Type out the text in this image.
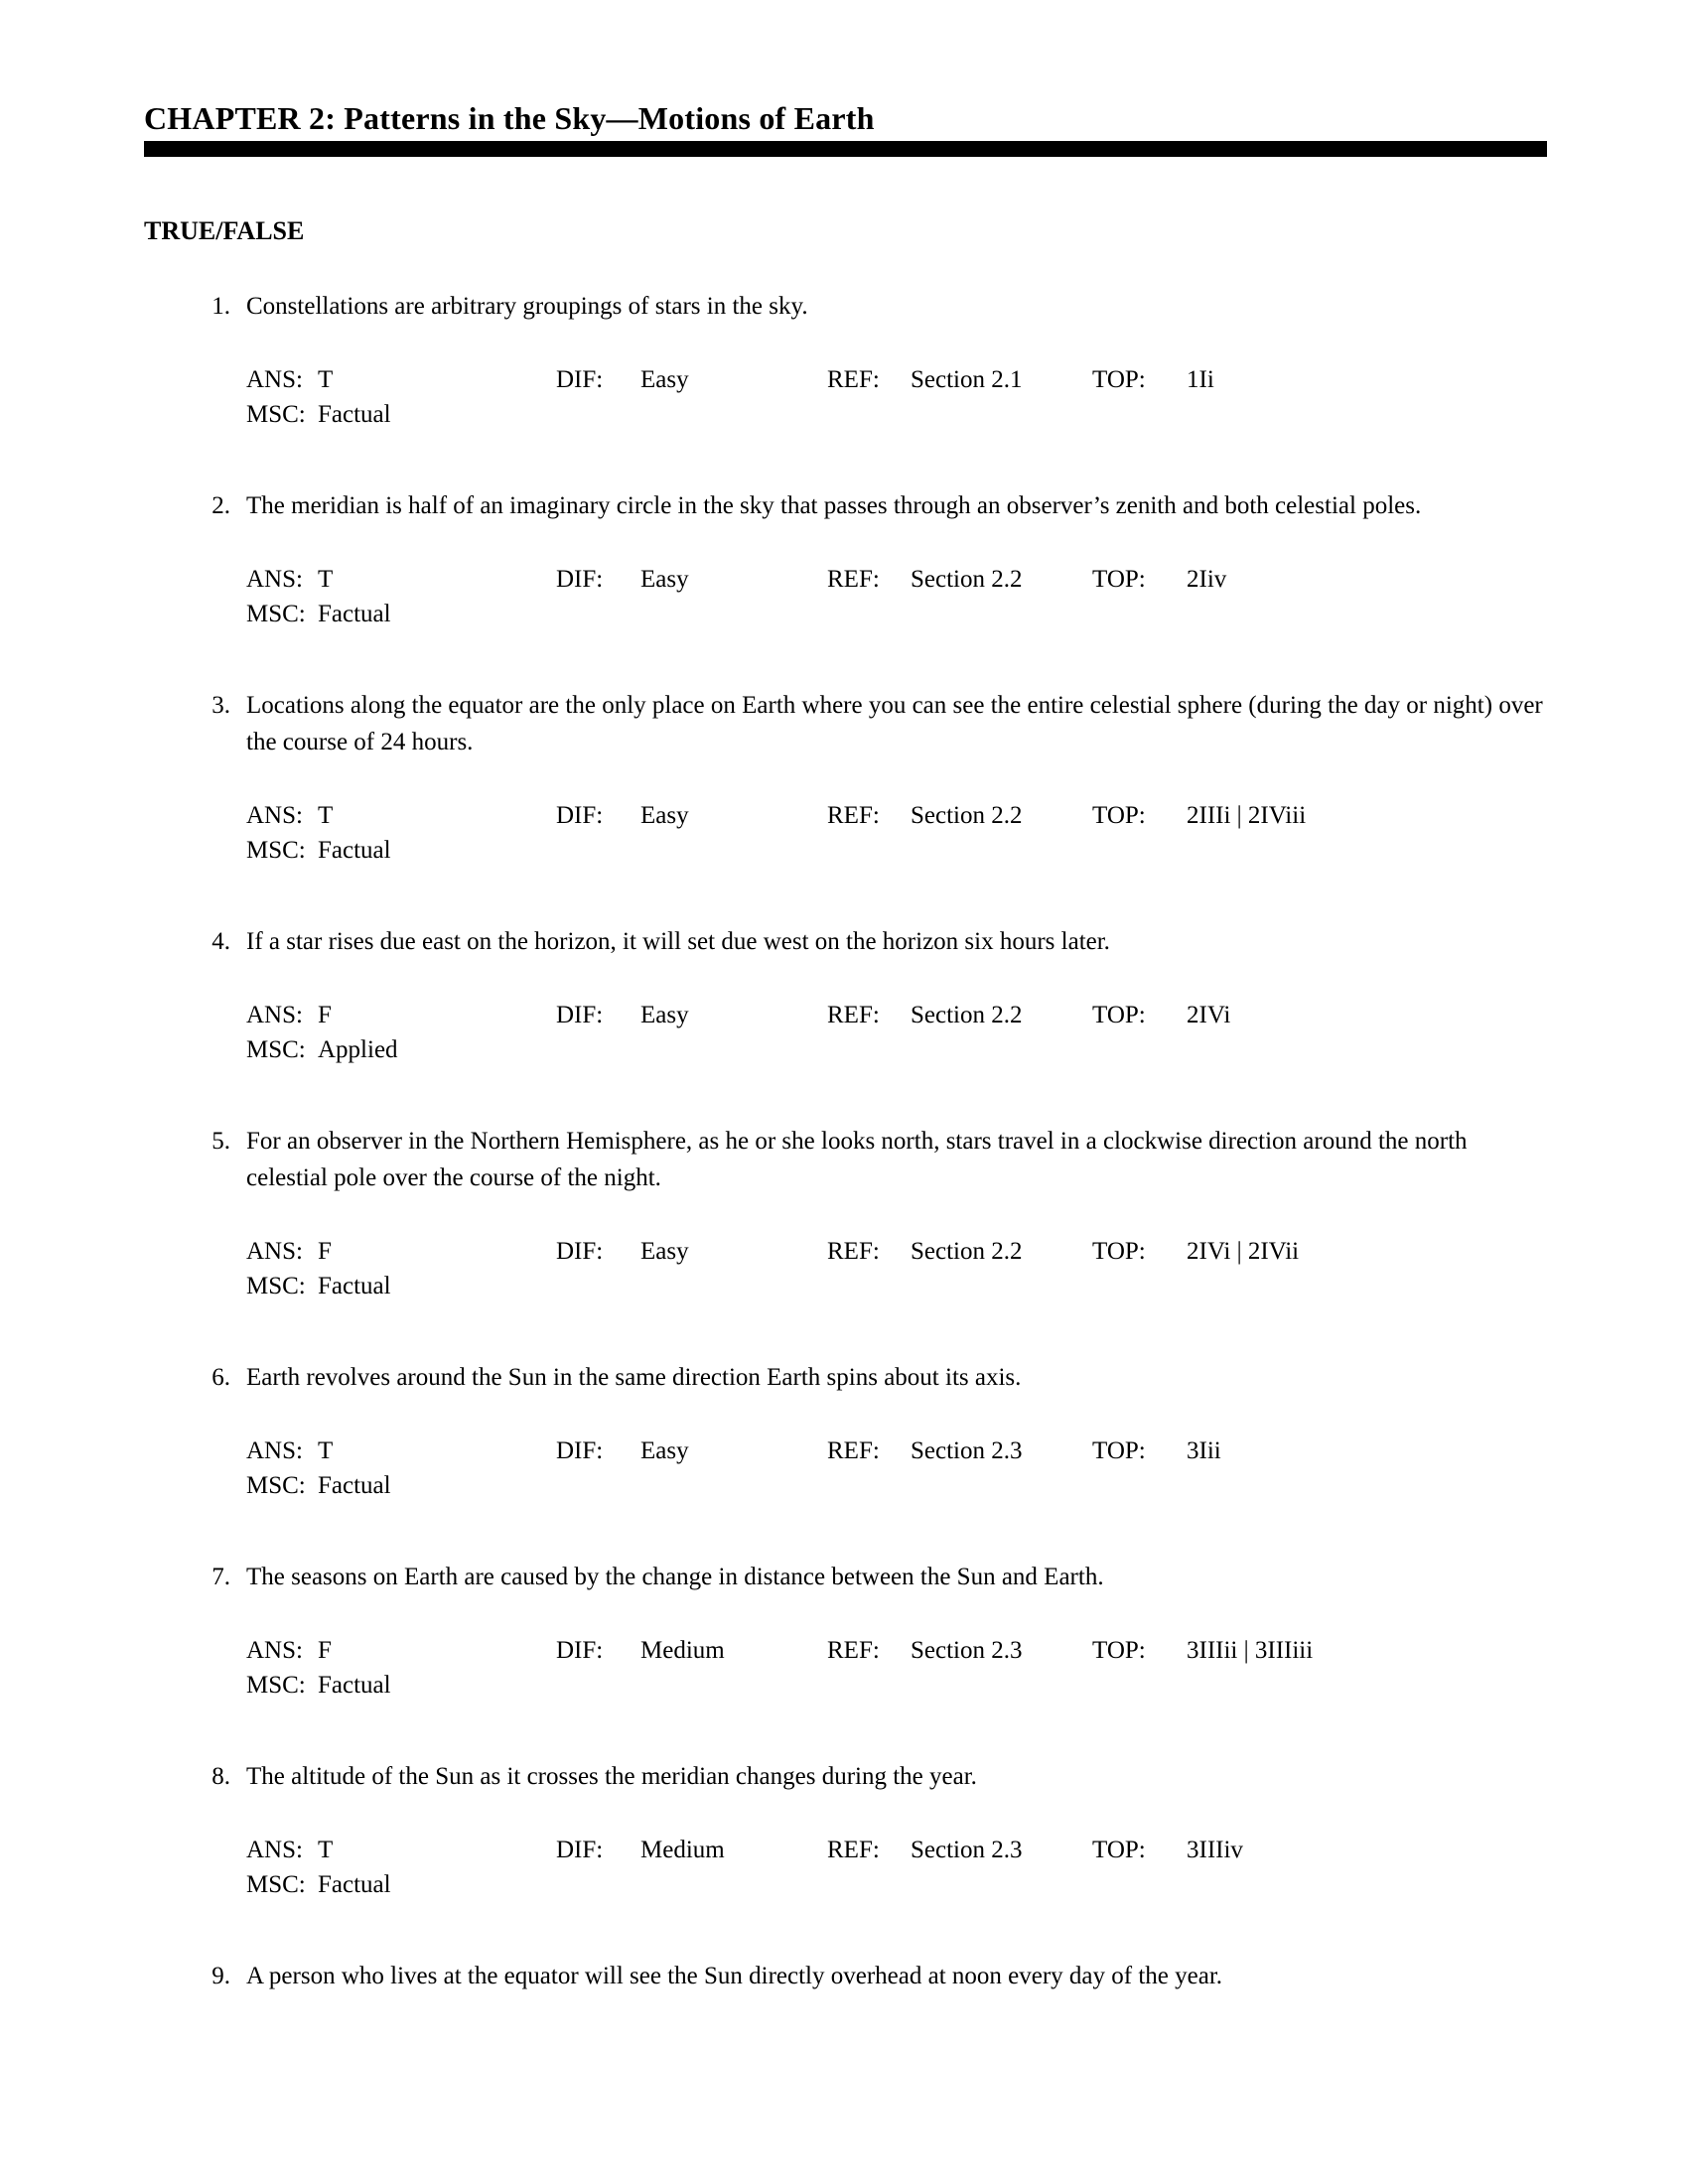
CHAPTER 2: Patterns in the Sky—Motions of Earth
TRUE/FALSE
1. Constellations are arbitrary groupings of stars in the sky.

ANS: T	DIF:	Easy	REF:	Section 2.1	TOP:	1Ii
MSC: Factual
2. The meridian is half of an imaginary circle in the sky that passes through an observer’s zenith and both celestial poles.

ANS: T	DIF:	Easy	REF:	Section 2.2	TOP:	2Iiv
MSC: Factual
3. Locations along the equator are the only place on Earth where you can see the entire celestial sphere (during the day or night) over the course of 24 hours.

ANS: T	DIF:	Easy	REF:	Section 2.2	TOP:	2IIIi | 2IViii
MSC: Factual
4. If a star rises due east on the horizon, it will set due west on the horizon six hours later.

ANS: F	DIF:	Easy	REF:	Section 2.2	TOP:	2IVi
MSC: Applied
5. For an observer in the Northern Hemisphere, as he or she looks north, stars travel in a clockwise direction around the north celestial pole over the course of the night.

ANS: F	DIF:	Easy	REF:	Section 2.2	TOP:	2IVi | 2IVii
MSC: Factual
6. Earth revolves around the Sun in the same direction Earth spins about its axis.

ANS: T	DIF:	Easy	REF:	Section 2.3	TOP:	3Iii
MSC: Factual
7. The seasons on Earth are caused by the change in distance between the Sun and Earth.

ANS: F	DIF:	Medium	REF:	Section 2.3	TOP:	3IIIii | 3IIIiii
MSC: Factual
8. The altitude of the Sun as it crosses the meridian changes during the year.

ANS: T	DIF:	Medium	REF:	Section 2.3	TOP:	3IIIiv
MSC: Factual
9. A person who lives at the equator will see the Sun directly overhead at noon every day of the year.
